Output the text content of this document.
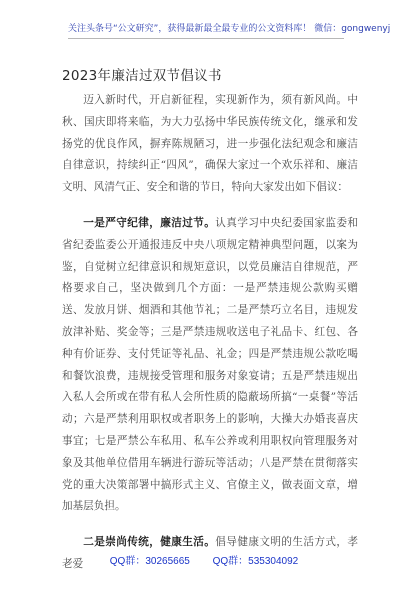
关注头条号“公文研究”，获得最新最全最专业的公文资料库！ 微信：gongwenyj
2023年廉洁过双节倡议书

迈入新时代，开启新征程，实现新作为，须有新风尚。中秋、国庆即将来临，为大力弘扬中华民族传统文化，继承和发扬党的优良作风，摒弃陈规陋习，进一步强化法纪观念和廉洁自律意识，持续纠正“四风”，确保大家过一个欢乐祥和、廉洁文明、风清气正、安全和谐的节日，特向大家发出如下倡议：

一是严守纪律，廉洁过节。认真学习中央纪委国家监委和省纪委监委公开通报违反中央八项规定精神典型问题，以案为鉴，自觉树立纪律意识和规矩意识，以党员廉洁自律规范，严格要求自己，坚决做到几个方面：一是严禁违规公款购买赠送、发放月饼、烟酒和其他节礼；二是严禁巧立名目，违规发放津补贴、奖金等；三是严禁违规收送电子礼品卡、红包、各种有价证券、支付凭证等礼品、礼金；四是严禁违规公款吃喝和餐饮浪费，违规接受管理和服务对象宴请；五是严禁违规出入私人会所或在带有私人会所性质的隐蔽场所搞“一桌餐”等活动；六是严禁利用职权或者职务上的影响，大操大办婚丧喜庆事宜；七是严禁公车私用、私车公养或利用职权向管理服务对象及其他单位借用车辆进行游玩等活动；八是严禁在贯彻落实党的重大决策部署中搞形式主义、官僚主义，做表面文章，增加基层负担。

二是崇尚传统，健康生活。倡导健康文明的生活方式，孝老爱	QQ群：30265665 QQ群：535304092
